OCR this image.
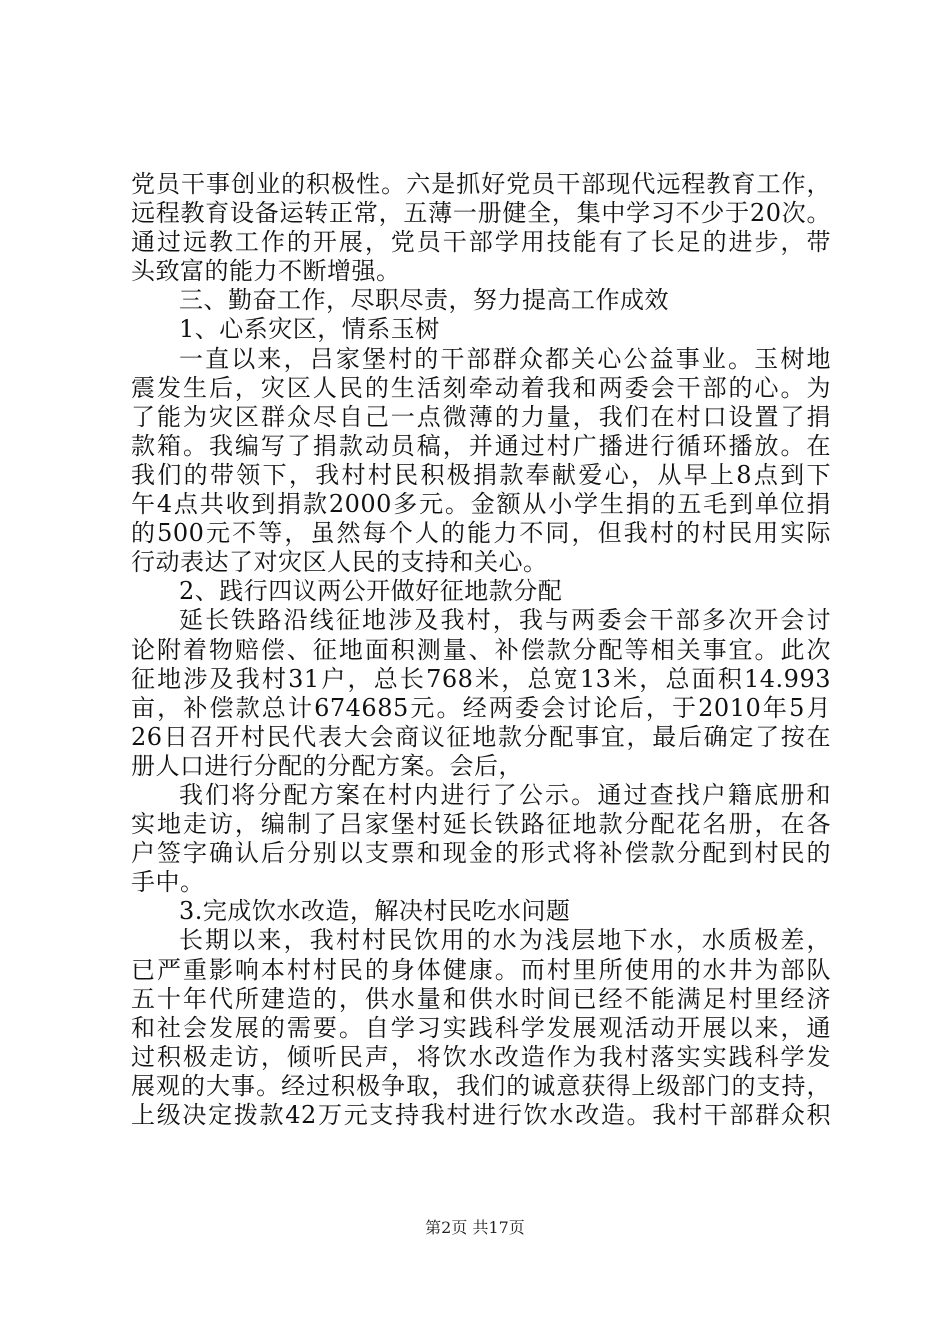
党员干事创业的积极性。六是抓好党员干部现代远程教育工作，
远程教育设备运转正常，五薄一册健全，集中学习不少于20次。
通过远教工作的开展，党员干部学用技能有了长足的进步，带
头致富的能力不断增强。
三、勤奋工作，尽职尽责，努力提高工作成效
1、心系灾区，情系玉树
一直以来，吕家堡村的干部群众都关心公益事业。玉树地
震发生后，灾区人民的生活刻牵动着我和两委会干部的心。为
了能为灾区群众尽自己一点微薄的力量，我们在村口设置了捐
款箱。我编写了捐款动员稿，并通过村广播进行循环播放。在
我们的带领下，我村村民积极捐款奉献爱心，从早上8点到下
午4点共收到捐款2000多元。金额从小学生捐的五毛到单位捐
的500元不等，虽然每个人的能力不同，但我村的村民用实际
行动表达了对灾区人民的支持和关心。
2、践行四议两公开做好征地款分配
延长铁路沿线征地涉及我村，我与两委会干部多次开会讨
论附着物赔偿、征地面积测量、补偿款分配等相关事宜。此次
征地涉及我村31户，总长768米，总宽13米，总面积14.993
亩，补偿款总计674685元。经两委会讨论后，于2010年5月
26日召开村民代表大会商议征地款分配事宜，最后确定了按在
册人口进行分配的分配方案。会后，
我们将分配方案在村内进行了公示。通过查找户籍底册和
实地走访，编制了吕家堡村延长铁路征地款分配花名册，在各
户签字确认后分别以支票和现金的形式将补偿款分配到村民的
手中。
3.完成饮水改造，解决村民吃水问题
长期以来，我村村民饮用的水为浅层地下水，水质极差，
已严重影响本村村民的身体健康。而村里所使用的水井为部队
五十年代所建造的，供水量和供水时间已经不能满足村里经济
和社会发展的需要。自学习实践科学发展观活动开展以来，通
过积极走访，倾听民声，将饮水改造作为我村落实实践科学发
展观的大事。经过积极争取，我们的诚意获得上级部门的支持，
上级决定拨款42万元支持我村进行饮水改造。我村干部群众积
第2页 共17页
